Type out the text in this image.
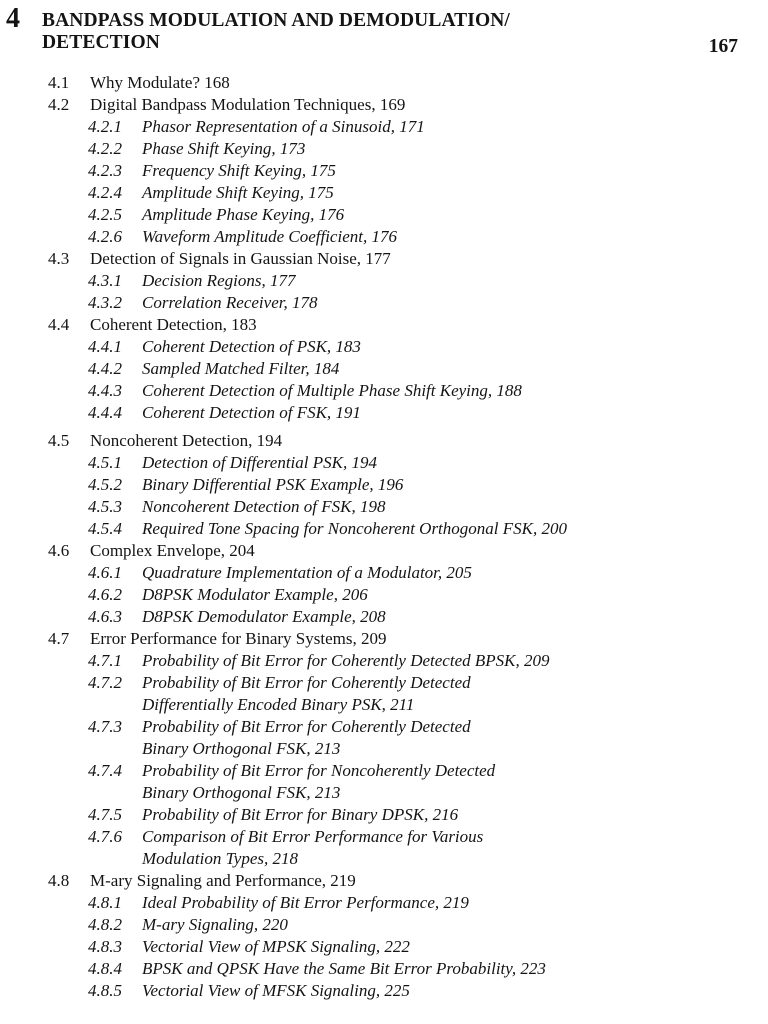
4 BANDPASS MODULATION AND DEMODULATION/
DETECTION	167
4.1 Why Modulate? 168
4.2 Digital Bandpass Modulation Techniques, 169
4.2.1 Phasor Representation of a Sinusoid, 171
4.2.2 Phase Shift Keying, 173
4.2.3 Frequency Shift Keying, 175
4.2.4 Amplitude Shift Keying, 175
4.2.5 Amplitude Phase Keying, 176
4.2.6 Waveform Amplitude Coefficient, 176
4.3 Detection of Signals in Gaussian Noise, 177
4.3.1 Decision Regions, 177
4.3.2 Correlation Receiver, 178
4.4 Coherent Detection, 183
4.4.1 Coherent Detection of PSK, 183
4.4.2 Sampled Matched Filter, 184
4.4.3 Coherent Detection of Multiple Phase Shift Keying, 188
4.4.4 Coherent Detection of FSK, 191
4.5 Noncoherent Detection, 194
4.5.1 Detection of Differential PSK, 194
4.5.2 Binary Differential PSK Example, 196
4.5.3 Noncoherent Detection of FSK, 198
4.5.4 Required Tone Spacing for Noncoherent Orthogonal FSK, 200
4.6 Complex Envelope, 204
4.6.1 Quadrature Implementation of a Modulator, 205
4.6.2 D8PSK Modulator Example, 206
4.6.3 D8PSK Demodulator Example, 208
4.7 Error Performance for Binary Systems, 209
4.7.1 Probability of Bit Error for Coherently Detected BPSK, 209
4.7.2 Probability of Bit Error for Coherently Detected
Differentially Encoded Binary PSK, 211
4.7.3 Probability of Bit Error for Coherently Detected
Binary Orthogonal FSK, 213
4.7.4 Probability of Bit Error for Noncoherently Detected
Binary Orthogonal FSK, 213
4.7.5 Probability of Bit Error for Binary DPSK, 216
4.7.6 Comparison of Bit Error Performance for Various
Modulation Types, 218
4.8 M-ary Signaling and Performance, 219
4.8.1 Ideal Probability of Bit Error Performance, 219
4.8.2 M-ary Signaling, 220
4.8.3 Vectorial View of MPSK Signaling, 222
4.8.4 BPSK and QPSK Have the Same Bit Error Probability, 223
4.8.5 Vectorial View of MFSK Signaling, 225
